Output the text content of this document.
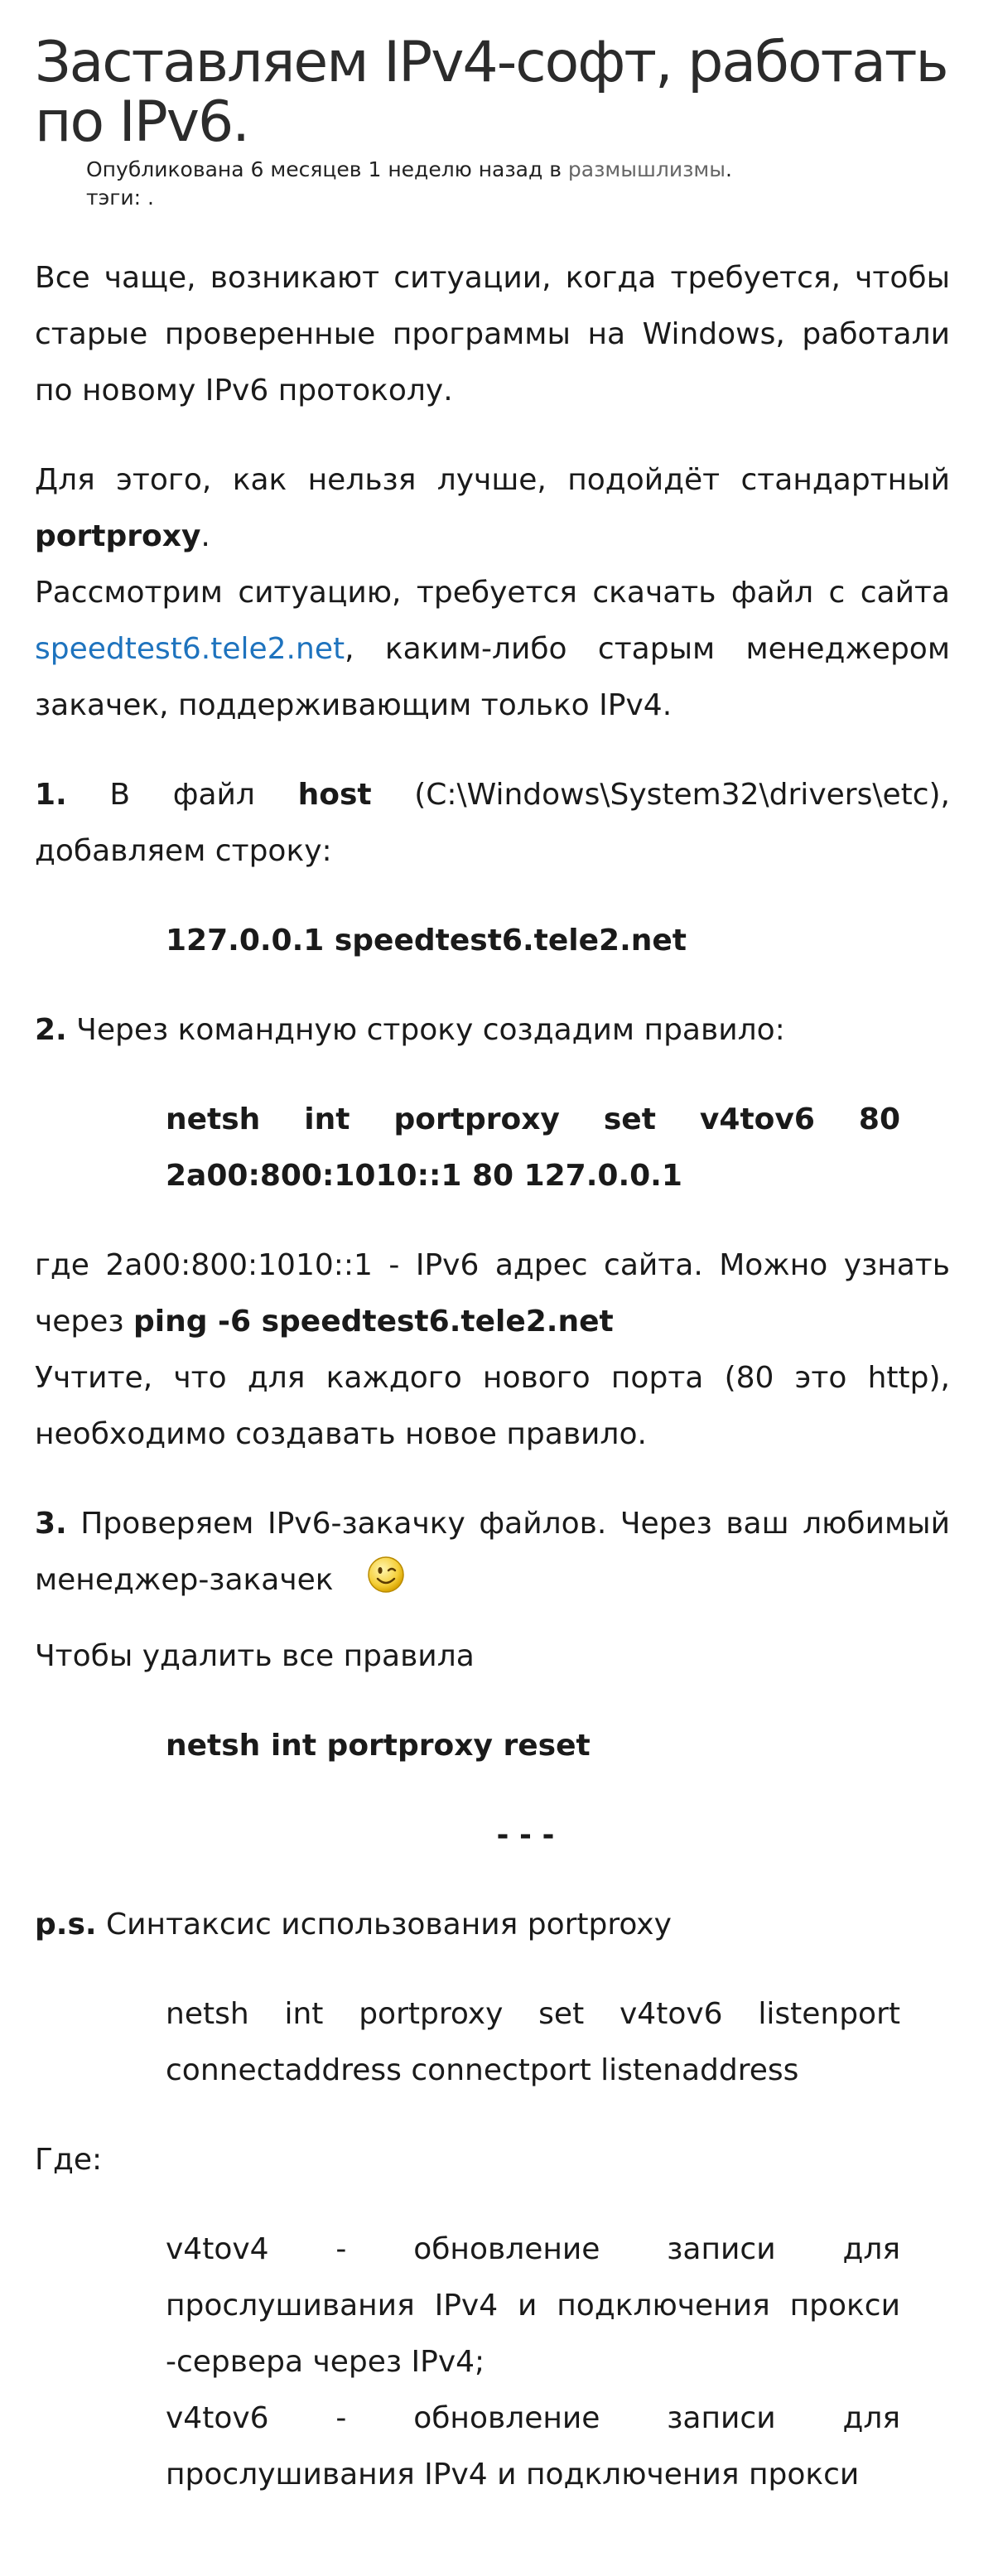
Заставляем IPv4-софт, работать по IPv6.
Опубликована 6 месяцев 1 неделю назад в размышлизмы.
тэги: .

Все чаще, возникают ситуации, когда требуется, чтобы старые проверенные программы на Windows, работали по новому IPv6 протоколу.

Для этого, как нельзя лучше, подойдёт стандартный portproxy.
Рассмотрим ситуацию, требуется скачать файл с сайта speedtest6.tele2.net, каким-либо старым менеджером закачек, поддерживающим только IPv4.

1. В файл host (C:\Windows\System32\drivers\etc), добавляем строку:

127.0.0.1 speedtest6.tele2.net

2. Через командную строку создадим правило:

netsh int portproxy set v4tov6 80 2a00:800:1010::1 80 127.0.0.1

где 2a00:800:1010::1 - IPv6 адрес сайта. Можно узнать через ping -6 speedtest6.tele2.net
Учтите, что для каждого нового порта (80 это http), необходимо создавать новое правило.

3. Проверяем IPv6-закачку файлов. Через ваш любимый менеджер-закачек

Чтобы удалить все правила

netsh int portproxy reset

- - -

p.s. Синтаксис использования portproxy

netsh int portproxy set v4tov6 listenport connectaddress connectport listenaddress

Где:

v4tov4 - обновление записи для прослушивания IPv4 и подключения прокси -сервера через IPv4;

v4tov6 - обновление записи для прослушивания IPv4 и подключения прокси
